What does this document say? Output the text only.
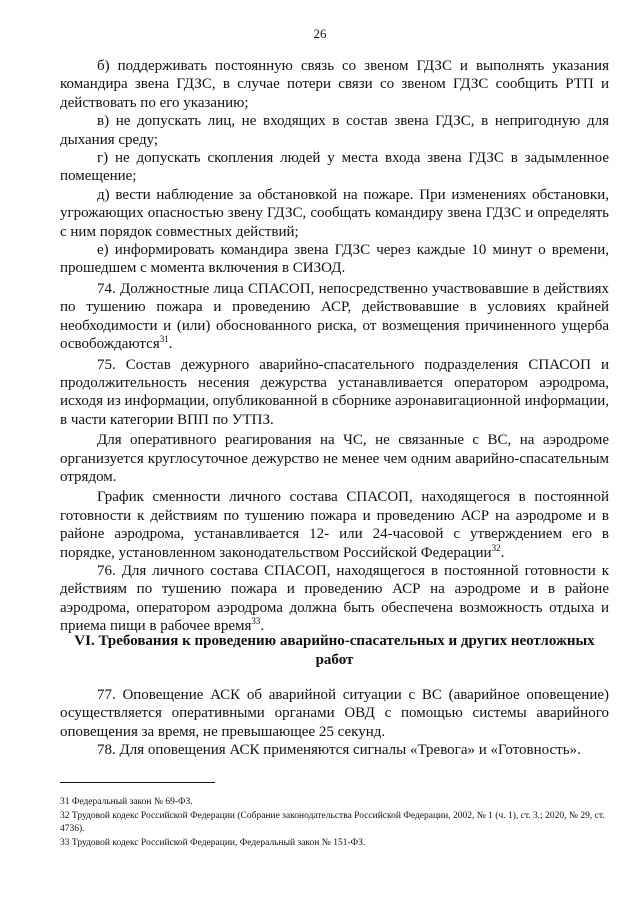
26

б) поддерживать постоянную связь со звеном ГДЗС и выполнять указания командира звена ГДЗС, в случае потери связи со звеном ГДЗС сообщить РТП и действовать по его указанию;

в) не допускать лиц, не входящих в состав звена ГДЗС, в непригодную для дыхания среду;

г) не допускать скопления людей у места входа звена ГДЗС в задымленное помещение;

д) вести наблюдение за обстановкой на пожаре. При изменениях обстановки, угрожающих опасностью звену ГДЗС, сообщать командиру звена ГДЗС и определять с ним порядок совместных действий;

е) информировать командира звена ГДЗС через каждые 10 минут о времени, прошедшем с момента включения в СИЗОД.

74. Должностные лица СПАСОП, непосредственно участвовавшие в действиях по тушению пожара и проведению АСР, действовавшие в условиях крайней необходимости и (или) обоснованного риска, от возмещения причиненного ущерба освобождаются$^{31}$.

75. Состав дежурного аварийно-спасательного подразделения СПАСОП и продолжительность несения дежурства устанавливается оператором аэродрома, исходя из информации, опубликованной в сборнике аэронавигационной информации, в части категории ВПП по УТПЗ.

Для оперативного реагирования на ЧС, не связанные с ВС, на аэродроме организуется круглосуточное дежурство не менее чем одним аварийно-спасательным отрядом.

График сменности личного состава СПАСОП, находящегося в постоянной готовности к действиям по тушению пожара и проведению АСР на аэродроме и в районе аэродрома, устанавливается 12- или 24-часовой с утверждением его в порядке, установленном законодательством Российской Федерации$^{32}$.

76. Для личного состава СПАСОП, находящегося в постоянной готовности к действиям по тушению пожара и проведению АСР на аэродроме и в районе аэродрома, оператором аэродрома должна быть обеспечена возможность отдыха и приема пищи в рабочее время$^{33}$.

VI. Требования к проведению аварийно-спасательных и других неотложных работ

77. Оповещение АСК об аварийной ситуации с ВС (аварийное оповещение) осуществляется оперативными органами ОВД с помощью системы аварийного оповещения за время, не превышающее 25 секунд.

78. Для оповещения АСК применяются сигналы «Тревога» и «Готовность».

31 Федеральный закон № 69-ФЗ.
32 Трудовой кодекс Российской Федерации (Собрание законодательства Российской Федерации, 2002, № 1 (ч. 1), ст. 3.; 2020, № 29, ст. 4736).
33 Трудовой кодекс Российской Федерации, Федеральный закон № 151-ФЗ.
